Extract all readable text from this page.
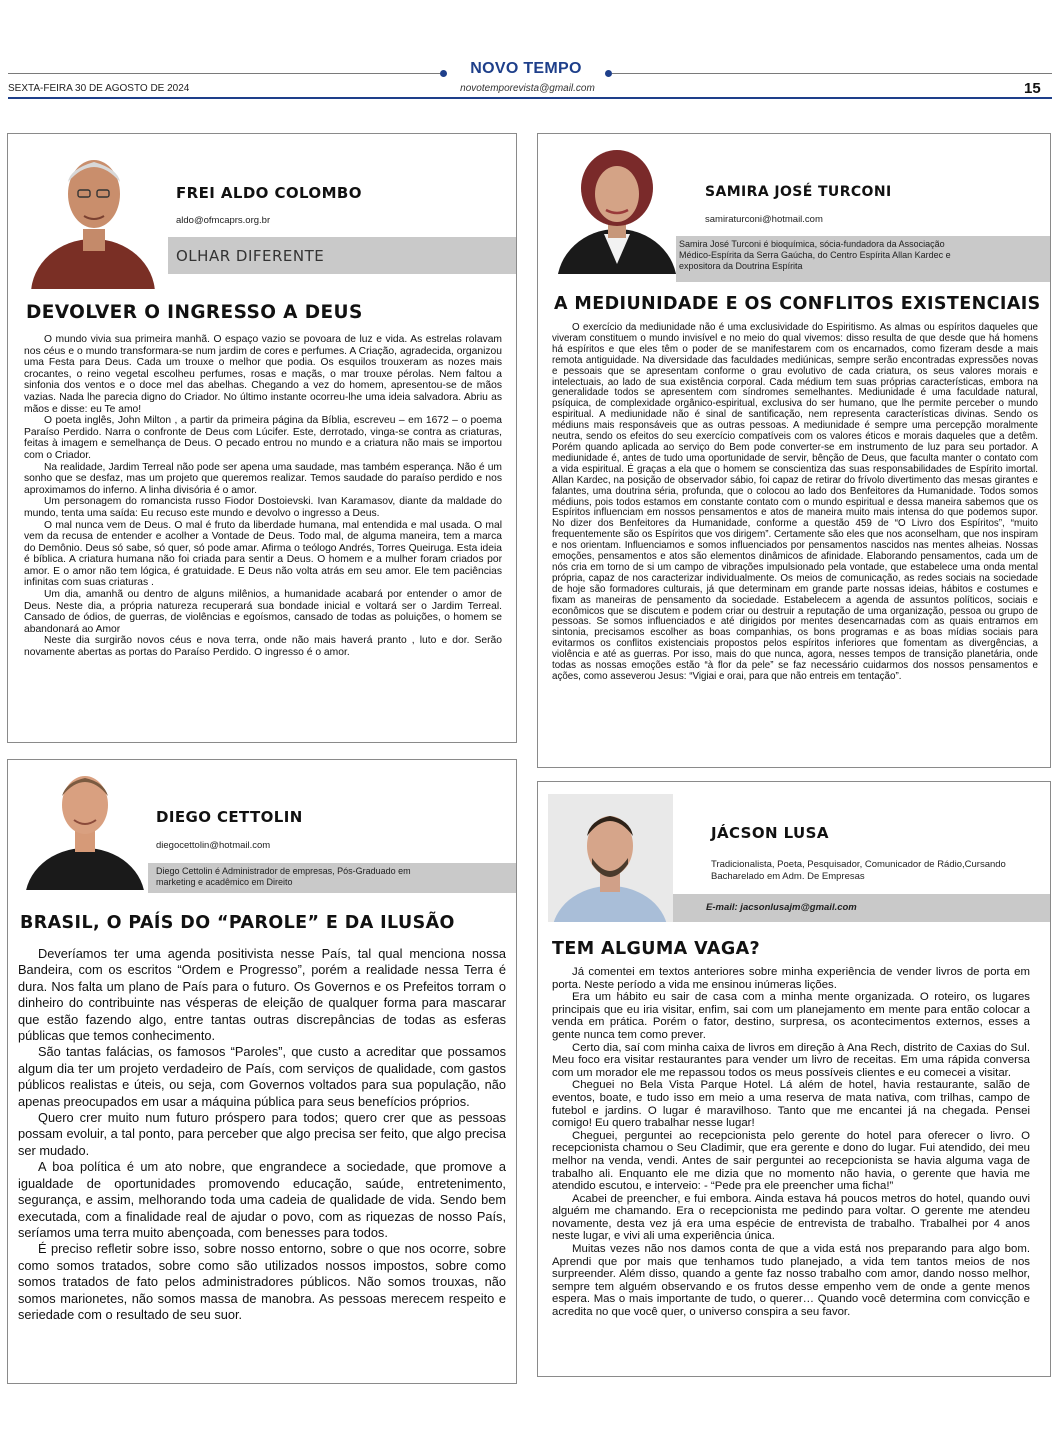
NOVO TEMPO
SEXTA-FEIRA 30 DE AGOSTO DE 2024	novotemporevista@gmail.com	15
FREI ALDO COLOMBO
aldo@ofmcaprs.org.br
OLHAR DIFERENTE
DEVOLVER O INGRESSO A DEUS

O mundo vivia sua primeira manhã. O espaço vazio se povoara de luz e vida. As estrelas rolavam nos céus e o mundo transformara-se num jardim de cores e perfumes. A Criação, agradecida, organizou uma Festa para Deus. Cada um trouxe o melhor que podia. Os esquilos trouxeram as nozes mais crocantes, o reino vegetal escolheu perfumes, rosas e maçãs, o mar trouxe pérolas. Nem faltou a sinfonia dos ventos e o doce mel das abelhas. Chegando a vez do homem, apresentou-se de mãos vazias. Nada lhe parecia digno do Criador. No último instante ocorreu-lhe uma ideia salvadora. Abriu as mãos e disse: eu Te amo!

O poeta inglês, John Milton , a partir da primeira página da Bíblia, escreveu – em 1672 – o poema Paraíso Perdido. Narra o confronte de Deus com Lúcifer. Este, derrotado, vinga-se contra as criaturas, feitas à imagem e semelhança de Deus. O pecado entrou no mundo e a criatura não mais se importou com o Criador.

Na realidade, Jardim Terreal não pode ser apena uma saudade, mas também esperança. Não é um sonho que se desfaz, mas um projeto que queremos realizar. Temos saudade do paraíso perdido e nos aproximamos do inferno. A linha divisória é o amor.

Um personagem do romancista russo Fiodor Dostoievski. Ivan Karamasov, diante da maldade do mundo, tenta uma saída: Eu recuso este mundo e devolvo o ingresso a Deus.

O mal nunca vem de Deus. O mal é fruto da liberdade humana, mal entendida e mal usada. O mal vem da recusa de entender e acolher a Vontade de Deus. Todo mal, de alguma maneira, tem a marca do Demônio. Deus só sabe, só quer, só pode amar. Afirma o teólogo Andrés, Torres Queiruga. Esta ideia é bíblica. A criatura humana não foi criada para sentir a Deus. O homem e a mulher foram criados por amor. E o amor não tem lógica, é gratuidade. E Deus não volta atrás em seu amor. Ele tem paciências infinitas com suas criaturas .

Um dia, amanhã ou dentro de alguns milênios, a humanidade acabará por entender o amor de Deus. Neste dia, a própria natureza recuperará sua bondade inicial e voltará ser o Jardim Terreal. Cansado de ódios, de guerras, de violências e egoísmos, cansado de todas as poluições, o homem se abandonará ao Amor

Neste dia surgirão novos céus e nova terra, onde não mais haverá pranto , luto e dor. Serão novamente abertas as portas do Paraíso Perdido. O ingresso é o amor.

SAMIRA JOSÉ TURCONI
samiraturconi@hotmail.com
Samira José Turconi é bioquímica, sócia-fundadora da Associação Médico-Espírita da Serra Gaúcha, do Centro Espírita Allan Kardec e expositora da Doutrina Espírita
A MEDIUNIDADE E OS CONFLITOS EXISTENCIAIS

O exercício da mediunidade não é uma exclusividade do Espiritismo. As almas ou espíritos daqueles que viveram constituem o mundo invisível e no meio do qual vivemos: disso resulta de que desde que há homens há espíritos e que eles têm o poder de se manifestarem com os encarnados, como fizeram desde a mais remota antiguidade. Na diversidade das faculdades mediúnicas, sempre serão encontradas expressões novas e pessoais que se apresentam conforme o grau evolutivo de cada criatura, os seus valores morais e intelectuais, ao lado de sua existência corporal. Cada médium tem suas próprias características, embora na generalidade todos se apresentem com síndromes semelhantes. Mediunidade é uma faculdade natural, psíquica, de complexidade orgânico-espiritual, exclusiva do ser humano, que lhe permite perceber o mundo espiritual. A mediunidade não é sinal de santificação, nem representa características divinas. Sendo os médiuns mais responsáveis que as outras pessoas. A mediunidade é sempre uma percepção moralmente neutra, sendo os efeitos do seu exercício compatíveis com os valores éticos e morais daqueles que a detêm. Porém quando aplicada ao serviço do Bem pode converter-se em instrumento de luz para seu portador. A mediunidade é, antes de tudo uma oportunidade de servir, bênção de Deus, que faculta manter o contato com a vida espiritual. É graças a ela que o homem se conscientiza das suas responsabilidades de Espírito imortal. Allan Kardec, na posição de observador sábio, foi capaz de retirar do frívolo divertimento das mesas girantes e falantes, uma doutrina séria, profunda, que o colocou ao lado dos Benfeitores da Humanidade. Todos somos médiuns, pois todos estamos em constante contato com o mundo espiritual e dessa maneira sabemos que os Espíritos influenciam em nossos pensamentos e atos de maneira muito mais intensa do que podemos supor. No dizer dos Benfeitores da Humanidade, conforme a questão 459 de “O Livro dos Espíritos”, “muito frequentemente são os Espíritos que vos dirigem”. Certamente são eles que nos aconselham, que nos inspiram e nos orientam. Influenciamos e somos influenciados por pensamentos nascidos nas mentes alheias. Nossas emoções, pensamentos e atos são elementos dinâmicos de afinidade. Elaborando pensamentos, cada um de nós cria em torno de si um campo de vibrações impulsionado pela vontade, que estabelece uma onda mental própria, capaz de nos caracterizar individualmente. Os meios de comunicação, as redes sociais na sociedade de hoje são formadores culturais, já que determinam em grande parte nossas ideias, hábitos e costumes e fixam as maneiras de pensamento da sociedade. Estabelecem a agenda de assuntos políticos, sociais e econômicos que se discutem e podem criar ou destruir a reputação de uma organização, pessoa ou grupo de pessoas. Se somos influenciados e até dirigidos por mentes desencarnadas com as quais entramos em sintonia, precisamos escolher as boas companhias, os bons programas e as boas mídias sociais para evitarmos os conflitos existenciais propostos pelos espíritos inferiores que fomentam as divergências, a violência e até as guerras. Por isso, mais do que nunca, agora, nesses tempos de transição planetária, onde todas as nossas emoções estão “à flor da pele” se faz necessário cuidarmos dos nossos pensamentos e ações, como asseverou Jesus: “Vigiai e orai, para que não entreis em tentação”.

DIEGO CETTOLIN
diegocettolin@hotmail.com
Diego Cettolin é Administrador de empresas, Pós-Graduado em marketing e acadêmico em Direito
BRASIL, O PAÍS DO “PAROLE” E DA ILUSÃO

Deveríamos ter uma agenda positivista nesse País, tal qual menciona nossa Bandeira, com os escritos “Ordem e Progresso”, porém a realidade nessa Terra é dura. Nos falta um plano de País para o futuro. Os Governos e os Prefeitos torram o dinheiro do contribuinte nas vésperas de eleição de qualquer forma para mascarar que estão fazendo algo, entre tantas outras discrepâncias de todas as esferas públicas que temos conhecimento.

São tantas falácias, os famosos “Paroles”, que custo a acreditar que possamos algum dia ter um projeto verdadeiro de País, com serviços de qualidade, com gastos públicos realistas e úteis, ou seja, com Governos voltados para sua população, não apenas preocupados em usar a máquina pública para seus benefícios próprios.

Quero crer muito num futuro próspero para todos; quero crer que as pessoas possam evoluir, a tal ponto, para perceber que algo precisa ser feito, que algo precisa ser mudado.

A boa política é um ato nobre, que engrandece a sociedade, que promove a igualdade de oportunidades promovendo educação, saúde, entretenimento, segurança, e assim, melhorando toda uma cadeia de qualidade de vida. Sendo bem executada, com a finalidade real de ajudar o povo, com as riquezas de nosso País, seríamos uma terra muito abençoada, com benesses para todos.

É preciso refletir sobre isso, sobre nosso entorno, sobre o que nos ocorre, sobre como somos tratados, sobre como são utilizados nossos impostos, sobre como somos tratados de fato pelos administradores públicos. Não somos trouxas, não somos marionetes, não somos massa de manobra. As pessoas merecem respeito e seriedade com o resultado de seu suor.

JÁCSON LUSA
Tradicionalista, Poeta, Pesquisador, Comunicador de Rádio,Cursando Bacharelado em Adm. De Empresas
E-mail: jacsonlusajm@gmail.com
TEM ALGUMA VAGA?

Já comentei em textos anteriores sobre minha experiência de vender livros de porta em porta. Neste período a vida me ensinou inúmeras lições.

Era um hábito eu sair de casa com a minha mente organizada. O roteiro, os lugares principais que eu iria visitar, enfim, sai com um planejamento em mente para então colocar a venda em prática. Porém o fator, destino, surpresa, os acontecimentos externos, esses a gente nunca tem como prever.

Certo dia, saí com minha caixa de livros em direção à Ana Rech, distrito de Caxias do Sul. Meu foco era visitar restaurantes para vender um livro de receitas. Em uma rápida conversa com um morador ele me repassou todos os meus possíveis clientes e eu comecei a visitar.

Cheguei no Bela Vista Parque Hotel. Lá além de hotel, havia restaurante, salão de eventos, boate, e tudo isso em meio a uma reserva de mata nativa, com trilhas, campo de futebol e jardins. O lugar é maravilhoso. Tanto que me encantei já na chegada. Pensei comigo! Eu quero trabalhar nesse lugar!

Cheguei, perguntei ao recepcionista pelo gerente do hotel para oferecer o livro. O recepcionista chamou o Seu Cladimir, que era gerente e dono do lugar. Fui atendido, dei meu melhor na venda, vendi. Antes de sair perguntei ao recepcionista se havia alguma vaga de trabalho ali. Enquanto ele me dizia que no momento não havia, o gerente que havia me atendido escutou, e interveio: - “Pede pra ele preencher uma ficha!”

Acabei de preencher, e fui embora. Ainda estava há poucos metros do hotel, quando ouvi alguém me chamando. Era o recepcionista me pedindo para voltar. O gerente me atendeu novamente, desta vez já era uma espécie de entrevista de trabalho. Trabalhei por 4 anos neste lugar, e vivi ali uma experiência única.

Muitas vezes não nos damos conta de que a vida está nos preparando para algo bom. Aprendi que por mais que tenhamos tudo planejado, a vida tem tantos meios de nos surpreender. Além disso, quando a gente faz nosso trabalho com amor, dando nosso melhor, sempre tem alguém observando e os frutos desse empenho vem de onde a gente menos espera. Mas o mais importante de tudo, o querer… Quando você determina com convicção e acredita no que você quer, o universo conspira a seu favor.
